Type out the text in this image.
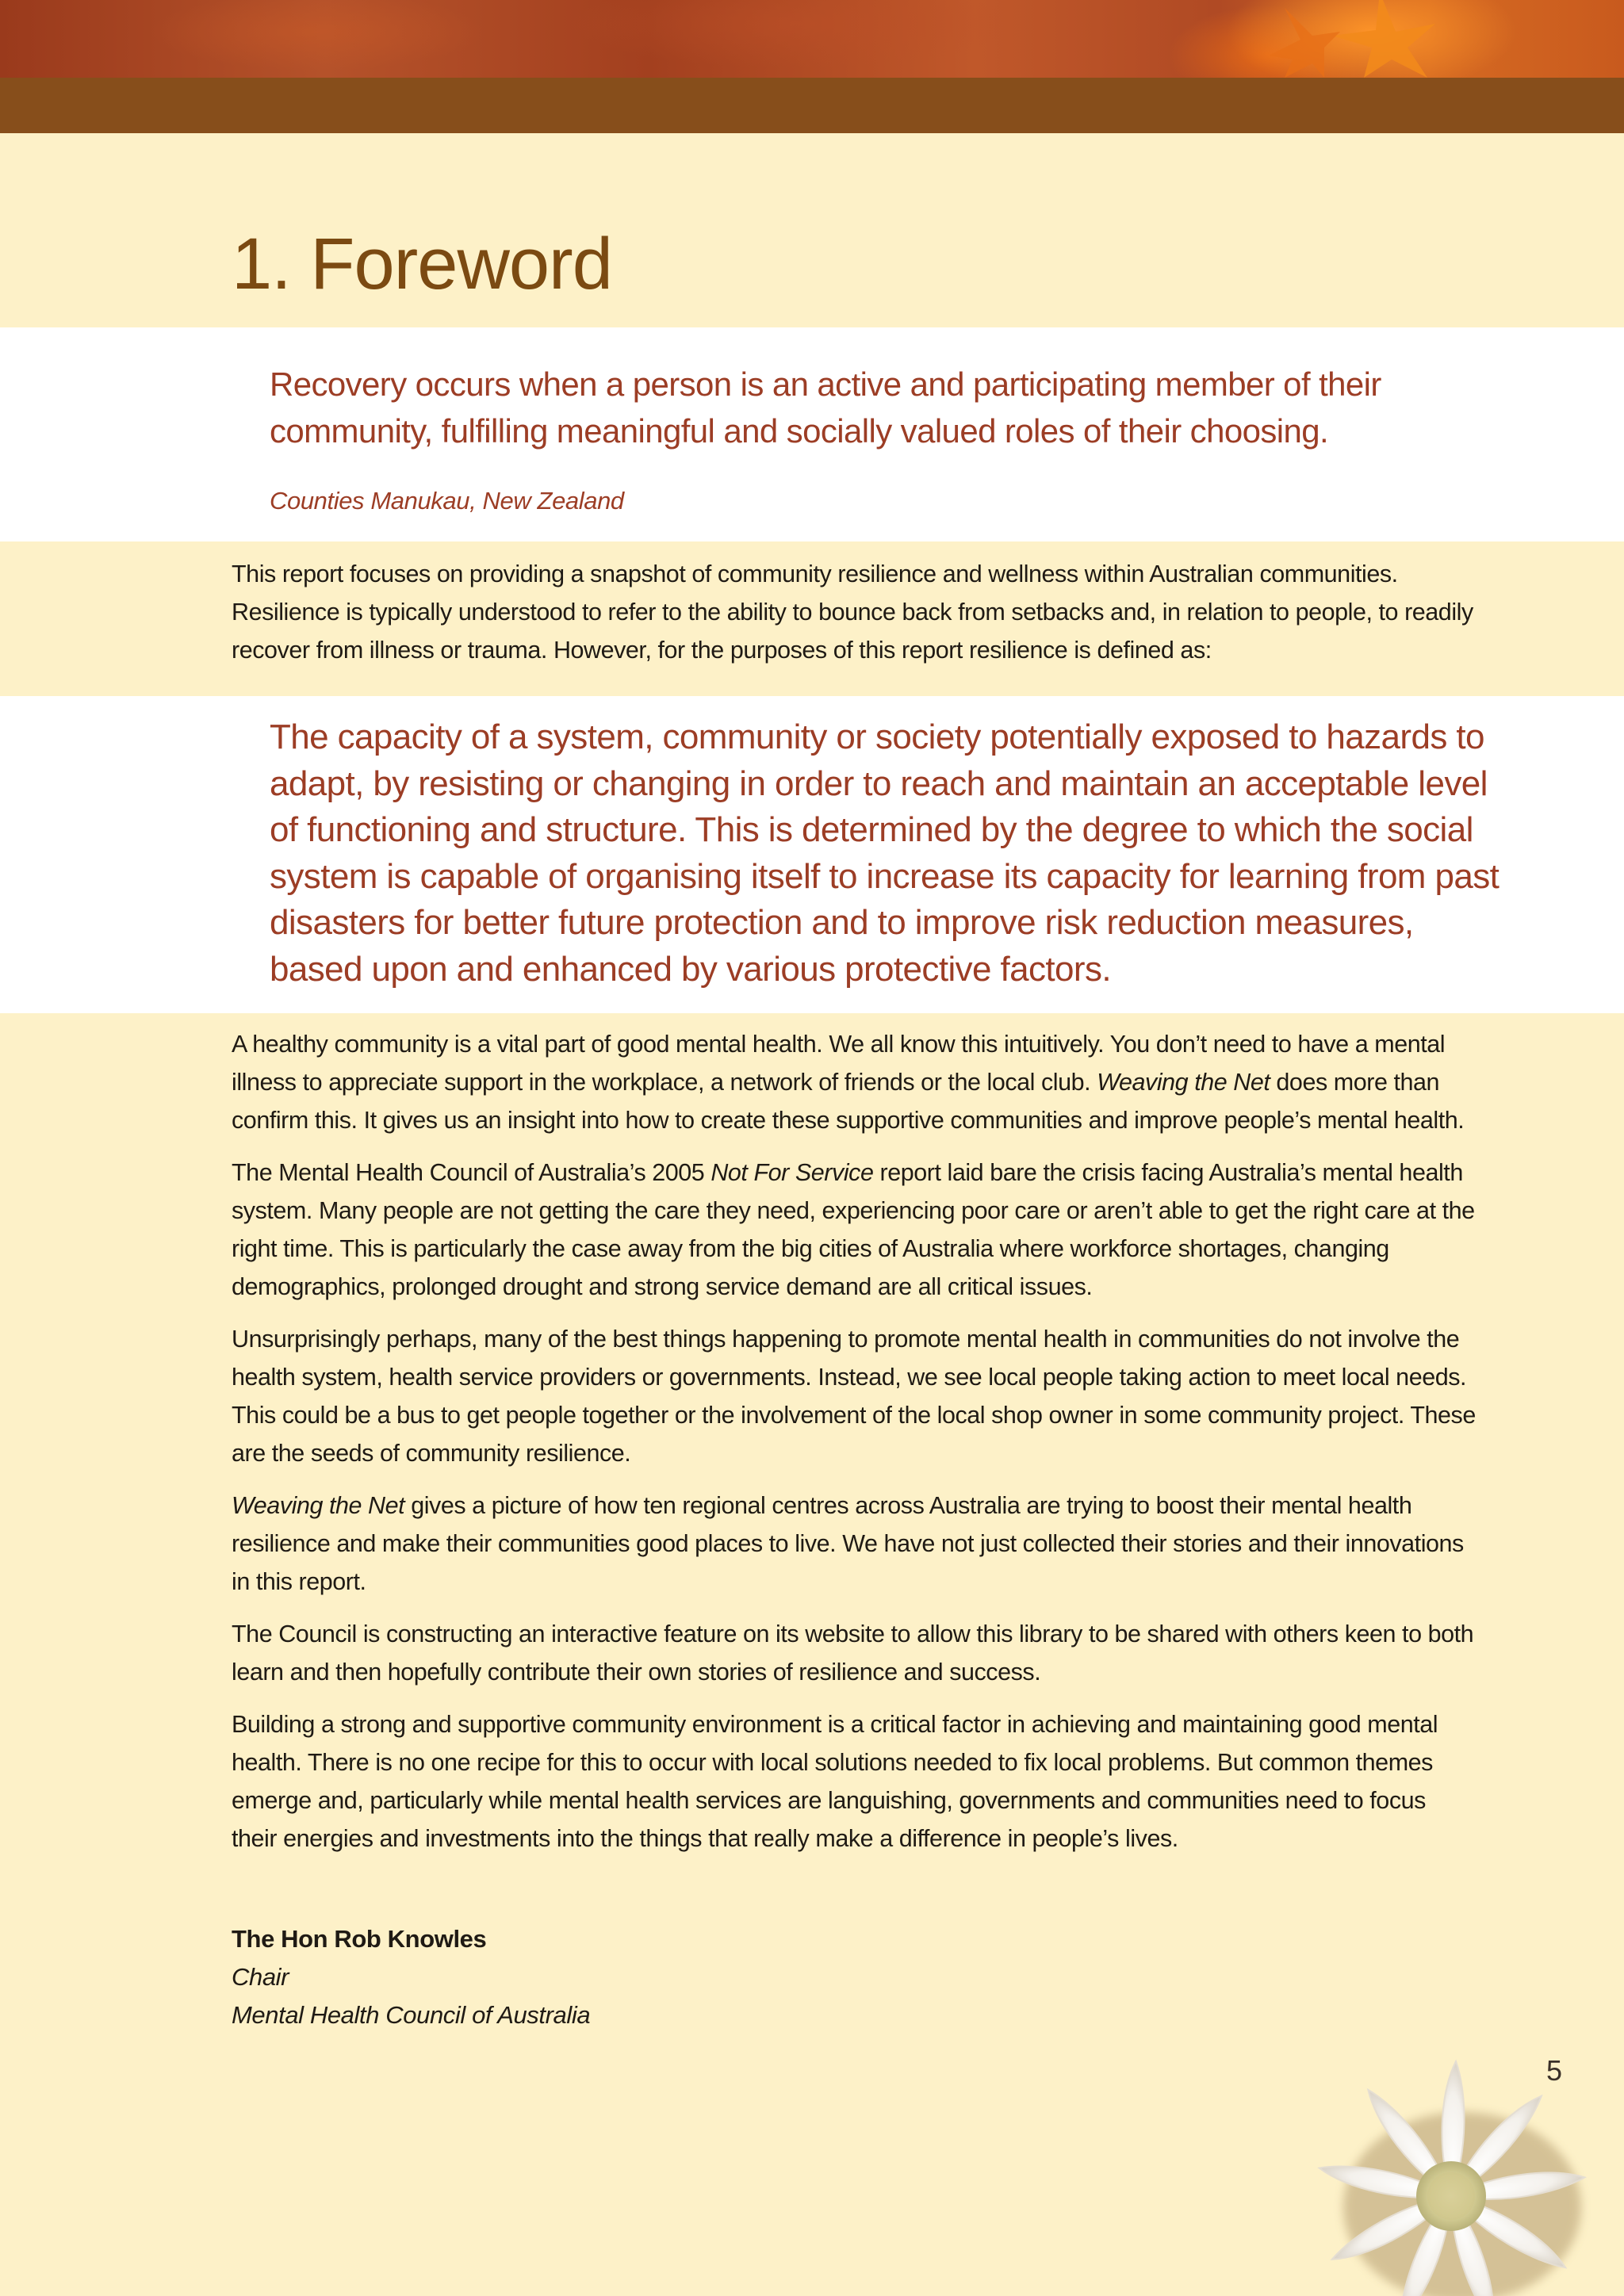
1. Foreword

Recovery occurs when a person is an active and participating member of their community, fulfilling meaningful and socially valued roles of their choosing.

Counties Manukau, New Zealand

This report focuses on providing a snapshot of community resilience and wellness within Australian communities. Resilience is typically understood to refer to the ability to bounce back from setbacks and, in relation to people, to readily recover from illness or trauma. However, for the purposes of this report resilience is defined as:

The capacity of a system, community or society potentially exposed to hazards to adapt, by resisting or changing in order to reach and maintain an acceptable level of functioning and structure. This is determined by the degree to which the social system is capable of organising itself to increase its capacity for learning from past disasters for better future protection and to improve risk reduction measures, based upon and enhanced by various protective factors.

A healthy community is a vital part of good mental health. We all know this intuitively. You don’t need to have a mental illness to appreciate support in the workplace, a network of friends or the local club. Weaving the Net does more than confirm this. It gives us an insight into how to create these supportive communities and improve people’s mental health.

The Mental Health Council of Australia’s 2005 Not For Service report laid bare the crisis facing Australia’s mental health system. Many people are not getting the care they need, experiencing poor care or aren’t able to get the right care at the right time. This is particularly the case away from the big cities of Australia where workforce shortages, changing demographics, prolonged drought and strong service demand are all critical issues.

Unsurprisingly perhaps, many of the best things happening to promote mental health in communities do not involve the health system, health service providers or governments. Instead, we see local people taking action to meet local needs. This could be a bus to get people together or the involvement of the local shop owner in some community project. These are the seeds of community resilience.

Weaving the Net gives a picture of how ten regional centres across Australia are trying to boost their mental health resilience and make their communities good places to live. We have not just collected their stories and their innovations in this report.

The Council is constructing an interactive feature on its website to allow this library to be shared with others keen to both learn and then hopefully contribute their own stories of resilience and success.

Building a strong and supportive community environment is a critical factor in achieving and maintaining good mental health. There is no one recipe for this to occur with local solutions needed to fix local problems. But common themes emerge and, particularly while mental health services are languishing, governments and communities need to focus their energies and investments into the things that really make a difference in people’s lives.

The Hon Rob Knowles
Chair
Mental Health Council of Australia
5
